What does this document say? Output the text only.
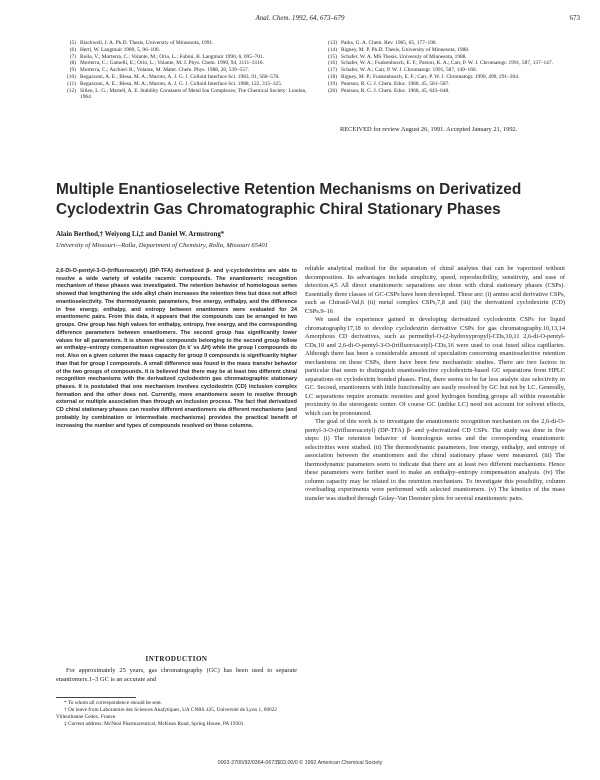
Anal. Chem. 1992, 64, 673–679	673
(5) Blackwell, J. A. Ph.D. Thesis, University of Minnesota, 1991.
(6) Hertl, W. Langmuir 1989, 5, 96–100.
(7) Boila, V.; Morterra, C.; Volante, M.; Orio, L.; Fubini, B. Langmuir 1990, 6, 695–701.
(8) Morterra, C.; Gamelli, E.; Orio, L.; Volante, M. J. Phys. Chem. 1990, 94, 3111–3116.
(9) Morterra, C.; Aschieri R.; Volante, M. Mater. Chem. Phys. 1988, 20, 539–557.
(10) Regazzoni, A. E.; Blesa, M. A.; Maroto, A. J. G. J. Colloid Interface Sci. 1983, 91, 560–570.
(11) Regazzoni, A. E.; Blesa, M. A.; Maroto, A. J. G. J. Colloid Interface Sci. 1988, 122, 315–325.
(12) Sillen, L. G.; Martell, A. E. Stability Constants of Metal Ion Complexes; The Chemical Society: London, 1964.
(13) Parks, G. A. Chem. Rev. 1965, 65, 177–198.
(14) Rigney, M. P. Ph.D. Thesis, University of Minnesota, 1988.
(15) Schafer, W. A. MS Thesis, University of Minnesota, 1988.
(16) Schafer, W. A.; Funkenbusch, E. F.; Parson, K. A.; Carr, P. W. J. Chromatogr. 1991, 587, 137–147.
(17) Schafer, W. A.; Carr, P. W. J. Chromatogr. 1991, 587, 149–160.
(18) Rigney, M. P.; Funkenbusch, E. F.; Carr, P. W. J. Chromatogr. 1990, 499, 291–304.
(19) Pearson, R. G. J. Chem. Educ. 1968, 45, 581–587.
(20) Pearson, R. G. J. Chem. Educ. 1968, 45, 643–648.
RECEIVED for review August 26, 1991. Accepted January 21, 1992.
Multiple Enantioselective Retention Mechanisms on Derivatized Cyclodextrin Gas Chromatographic Chiral Stationary Phases
Alain Berthod,† Weiyong Li,‡ and Daniel W. Armstrong*
University of Missouri—Rolla, Department of Chemistry, Rolla, Missouri 65401
2,6-Di-O-pentyl-3-O-(trifluoroacetyl) (DP-TFA) derivatized β- and γ-cyclodextrins are able to resolve a wide variety of volatile racemic compounds. The enantiomeric recognition mechanism of these phases was investigated. The retention behavior of homologous series showed that lengthening the side alkyl chain increases the retention time but does not affect enantioselectivity. The thermodynamic parameters, free energy, enthalpy, and the difference in free energy, enthalpy, and entropy between enantiomers were evaluated for 24 enantiomeric pairs. From this data, it appears that the compounds can be arranged in two groups. One group has high values for enthalpy, entropy, free energy, and the corresponding difference parameters between enantiomers. The second group has significantly lower values for all parameters. It is shown that compounds belonging to the second group follow an enthalpy–entropy compensation regression (ln k′ vs ΔH) while the group I compounds do not. Also on a given column the mass capacity for group II compounds is significantly higher than that for group I compounds. A small difference was found in the mass transfer behavior of the two groups of compounds. It is believed that there may be at least two different chiral recognition mechanisms with the derivatized cyclodextrin gas chromatographic stationary phases. It is postulated that one mechanism involves cyclodextrin (CD) inclusion complex formation and the other does not. Currently, more enantiomers seem to resolve through external or multiple association than through an inclusion process. The fact that derivatized CD chiral stationary phases can resolve different enantiomers via different mechanisms (and probably by combination or intermediate mechanisms) provides the practical benefit of increasing the number and types of compounds resolved on these columns.
INTRODUCTION
For approximately 25 years, gas chromatography (GC) has been used to separate enantiomers.1–3 GC is an accurate and

* To whom all correspondence should be sent.

† On leave from Laboratoire des Sciences Analytiques, UA CNRS 435, Université de Lyon 1, 69622 Villeurbanne Cedex, France.

‡ Current address: McNeal Pharmaceutical, McKean Road, Spring House, PA 19301.

reliable analytical method for the separation of chiral analytes that can be vaporized without decomposition. Its advantages include simplicity, speed, reproducibility, sensitivity, and ease of detection.4,5 All direct enantiomeric separations are done with chiral stationary phases (CSPs). Essentially three classes of GC-CSPs have been developed. These are: (i) amino acid derivative CSPs, such as Chirasil-Val,6 (ii) metal complex CSPs,7,8 and (iii) the derivatized cyclodextrin (CD) CSPs.9–16

We used the experience gained in developing derivatized cyclodextrin CSPs for liquid chromatography17,18 to develop cyclodextrin derivative CSPs for gas chromatography.10,13,14 Amorphous CD derivatives, such as permethyl-O-(2-hydroxypropyl)-CDs,10,11 2,6-di-O-pentyl-CDs,10 and 2,6-di-O-pentyl-3-O-(trifluoroacetyl)-CDs,16 were used to coat fused silica capillaries. Although there has been a considerable amount of speculation concerning enantioselective retention mechanisms on these CSPs, there have been few mechanistic studies. There are two factors in particular that seem to distinguish enantioselective cyclodextrin-based GC separations from HPLC separations on cyclodextrin bonded phases. First, there seems to be far less analyte size selectivity in GC. Second, enantiomers with little functionality are easily resolved by GC but not by LC. Generally, LC separations require aromatic moieties and good hydrogen bonding groups all within reasonable proximity to the stereogenic center. Of course GC (unlike LC) need not account for solvent effects, which can be pronounced.

The goal of this work is to investigate the enantiomeric recognition mechanism on the 2,6-di-O-pentyl-3-O-(trifluoroacetyl) (DP-TFA) β- and γ-derivatized CD CSPs. The study was done in five steps: (i) The retention behavior of homologous series and the corresponding enantiomeric selectivities were studied. (ii) The thermodynamic parameters, free energy, enthalpy, and entropy of association between the enantiomers and the chiral stationary phase were measured. (iii) The thermodynamic parameters seem to indicate that there are at least two different mechanisms. Hence these parameters were further used to make an enthalpy–entropy compensation analysis. (iv) The column capacity may be related to the retention mechanism. To investigate this possibility, column overloading experiments were performed with selected enantiomers. (v) The kinetics of the mass transfer was studied through Golay–Van Deemter plots for several enantiomeric pairs.

0003-2700/92/0364-0673$03.00/0 © 1992 American Chemical Society
